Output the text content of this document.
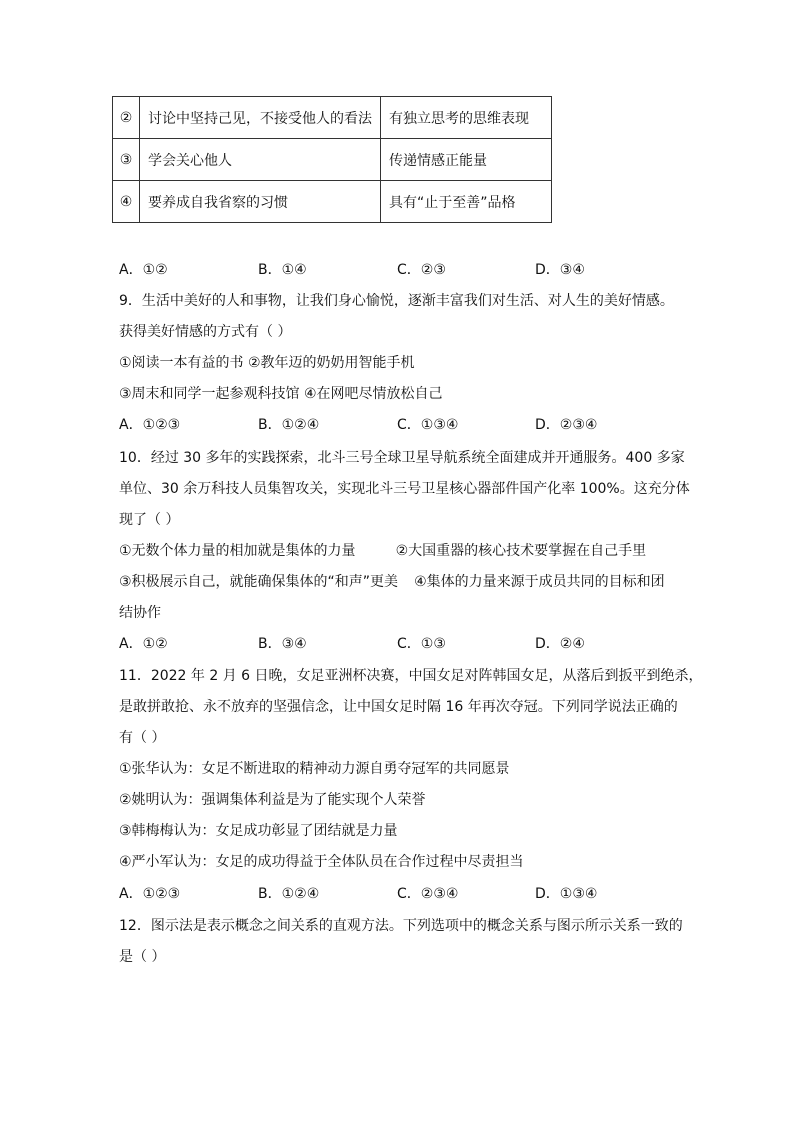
②	讨论中坚持己见，不接受他人的看法	有独立思考的思维表现
③	学会关心他人	传递情感正能量
④	要养成自我省察的习惯	具有“止于至善”品格
A．①②	B．①④	C．②③	D．③④
9．生活中美好的人和事物，让我们身心愉悦，逐渐丰富我们对生活、对人生的美好情感。
获得美好情感的方式有（ ）
①阅读一本有益的书 ②教年迈的奶奶用智能手机
③周末和同学一起参观科技馆 ④在网吧尽情放松自己
A．①②③	B．①②④	C．①③④	D．②③④
10．经过 30 多年的实践探索，北斗三号全球卫星导航系统全面建成并开通服务。400 多家
单位、30 余万科技人员集智攻关，实现北斗三号卫星核心器部件国产化率 100%。这充分体
现了（ ）
①无数个体力量的相加就是集体的力量	②大国重器的核心技术要掌握在自己手里
③积极展示自己，就能确保集体的“和声”更美 ④集体的力量来源于成员共同的目标和团
结协作
A．①②	B．③④	C．①③	D．②④
11．2022 年 2 月 6 日晚，女足亚洲杯决赛，中国女足对阵韩国女足，从落后到扳平到绝杀，
是敢拼敢抢、永不放弃的坚强信念，让中国女足时隔 16 年再次夺冠。下列同学说法正确的
有（ ）
①张华认为：女足不断进取的精神动力源自勇夺冠军的共同愿景
②姚明认为：强调集体利益是为了能实现个人荣誉
③韩梅梅认为：女足成功彰显了团结就是力量
④严小军认为：女足的成功得益于全体队员在合作过程中尽责担当
A．①②③	B．①②④	C．②③④	D．①③④
12．图示法是表示概念之间关系的直观方法。下列选项中的概念关系与图示所示关系一致的
是（ ）
